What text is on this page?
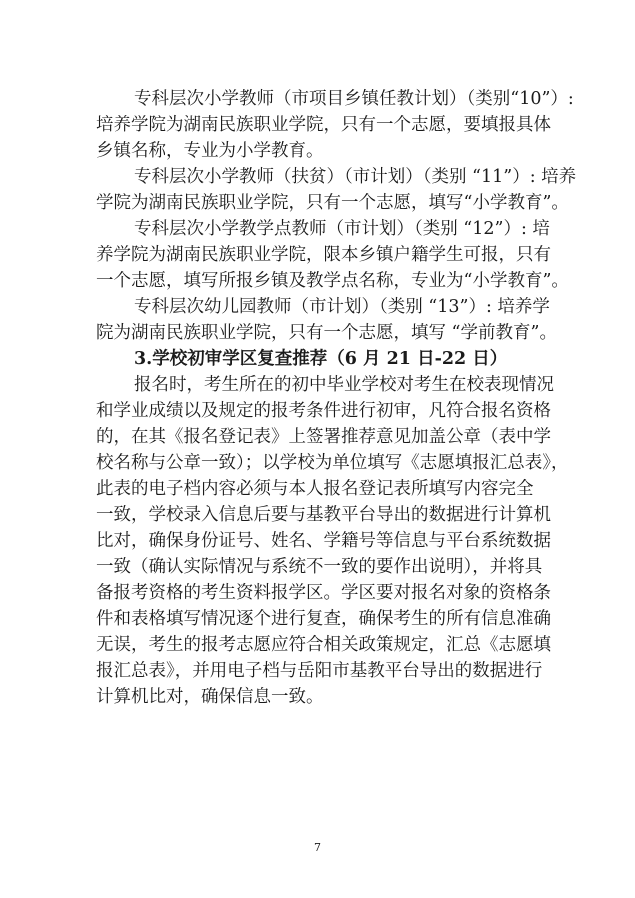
专科层次小学教师（市项目乡镇任教计划）（类别“10”）:
培养学院为湖南民族职业学院，只有一个志愿，要填报具体
乡镇名称，专业为小学教育。
专科层次小学教师（扶贫）（市计划）（类别 “11”）: 培养
学院为湖南民族职业学院，只有一个志愿，填写“小学教育”。
专科层次小学教学点教师（市计划）（类别 “12”）: 培
养学院为湖南民族职业学院，限本乡镇户籍学生可报，只有
一个志愿，填写所报乡镇及教学点名称，专业为“小学教育”。
专科层次幼儿园教师（市计划）（类别 “13”）: 培养学
院为湖南民族职业学院，只有一个志愿，填写 “学前教育”。
3.学校初审学区复查推荐（6 月 21 日-22 日）
报名时，考生所在的初中毕业学校对考生在校表现情况
和学业成绩以及规定的报考条件进行初审，凡符合报名资格
的，在其《报名登记表》上签署推荐意见加盖公章（表中学
校名称与公章一致）；以学校为单位填写《志愿填报汇总表》，
此表的电子档内容必须与本人报名登记表所填写内容完全
一致，学校录入信息后要与基教平台导出的数据进行计算机
比对，确保身份证号、姓名、学籍号等信息与平台系统数据
一致（确认实际情况与系统不一致的要作出说明），并将具
备报考资格的考生资料报学区。学区要对报名对象的资格条
件和表格填写情况逐个进行复查，确保考生的所有信息准确
无误，考生的报考志愿应符合相关政策规定，汇总《志愿填
报汇总表》，并用电子档与岳阳市基教平台导出的数据进行
计算机比对，确保信息一致。
7
